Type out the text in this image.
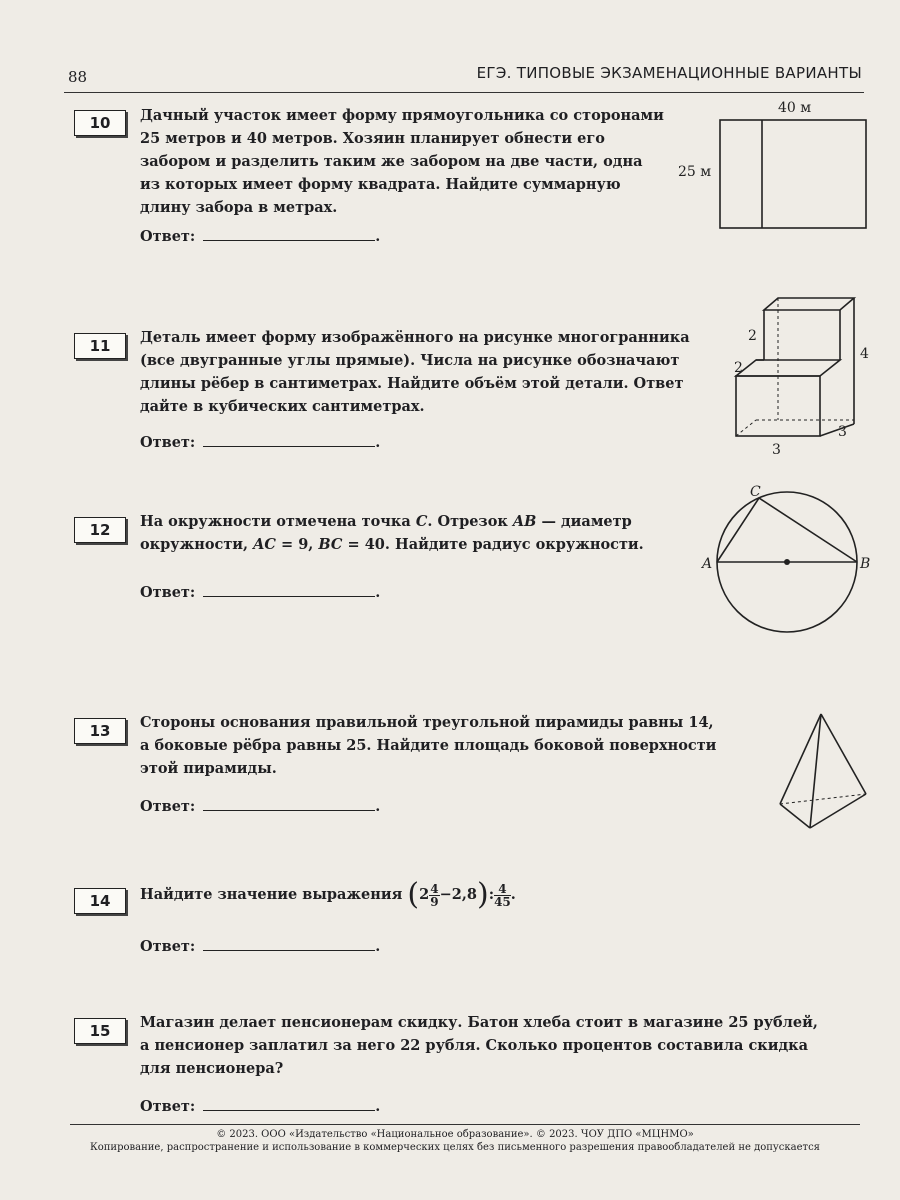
88	ЕГЭ. ТИПОВЫЕ ЭКЗАМЕНАЦИОННЫЕ ВАРИАНТЫ
10	Дачный участок имеет форму прямоугольника со сторонами
25 метров и 40 метров. Хозяин планирует обнести его
забором и разделить таким же забором на две части, одна
из которых имеет форму квадрата. Найдите суммарную
длину забора в метрах.
Ответ:	.
40 м
25 м
11	Деталь имеет форму изображённого на рисунке многогранника
(все двугранные углы прямые). Числа на рисунке обозначают
длины рёбер в сантиметрах. Найдите объём этой детали. Ответ
дайте в кубических сантиметрах.
Ответ:	.
2
2
4
3
3
12	На окружности отмечена точка C. Отрезок AB — диаметр
окружности, AC = 9, BC = 40. Найдите радиус окружности.
Ответ:	.
A	B
C
13	Стороны основания правильной треугольной пирамиды равны 14,
а боковые рёбра равны 25. Найдите площадь боковой поверхности
этой пирамиды.
Ответ:	.
14	Найдите значение выражения $(2 \frac{4}{9} -2,8)$: $\frac{4}{45}$ .
Ответ:	.
15	Магазин делает пенсионерам скидку. Батон хлеба стоит в магазине 25 рублей,
а пенсионер заплатил за него 22 рубля. Сколько процентов составила скидка
для пенсионера?
Ответ:	.
© 2023. ООО «Издательство «Национальное образование». © 2023. ЧОУ ДПО «МЦНМО»
Копирование, распространение и использование в коммерческих целях без письменного разрешения правообладателей не допускается
